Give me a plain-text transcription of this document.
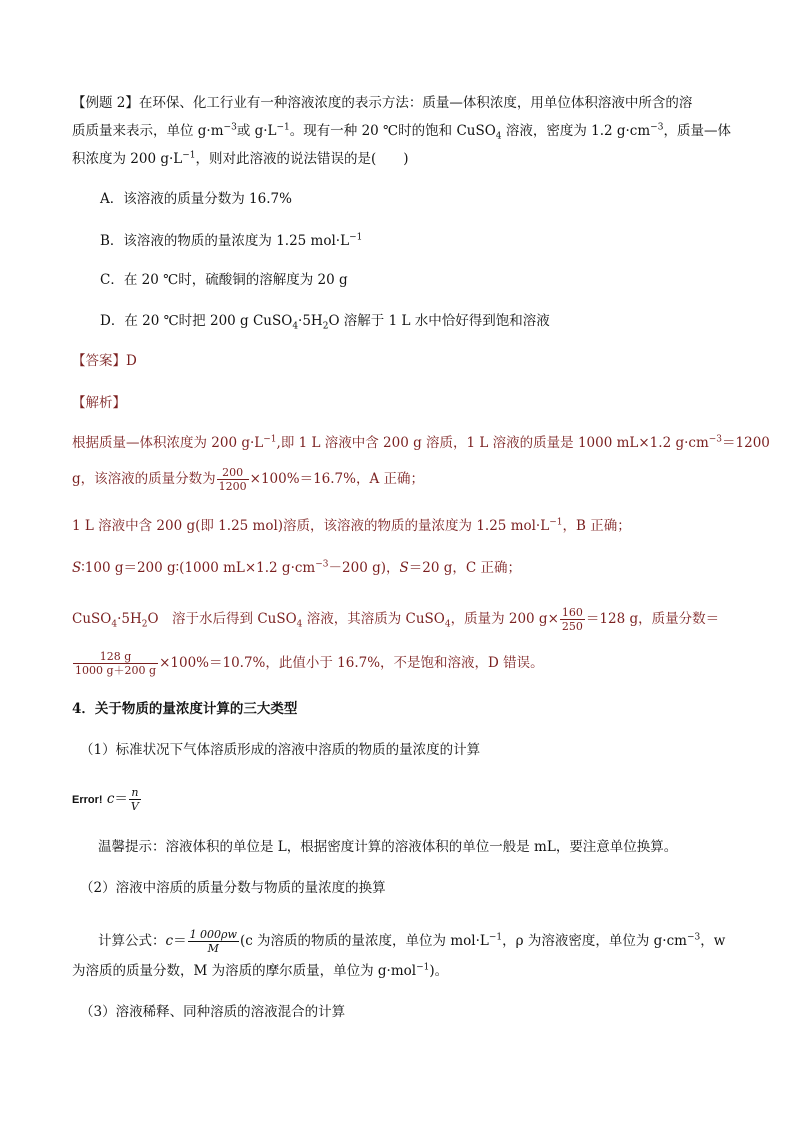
【例题 2】在环保、化工行业有一种溶液浓度的表示方法：质量—体积浓度，用单位体积溶液中所含的溶
质质量来表示，单位 $g\cdot m^{-3}$或 $g\cdot L^{-1}$。现有一种 20 ℃时的饱和 CuSO$_4$ 溶液，密度为 1.2 $g\cdot cm^{-3}$，质量—体
积浓度为 200 $g\cdot L^{-1}$，则对此溶液的说法错误的是(　　)
A．该溶液的质量分数为 16.7%
B．该溶液的物质的量浓度为 1.25 $mol\cdot L^{-1}$
C．在 20 ℃时，硫酸铜的溶解度为 20 g
D．在 20 ℃时把 200 g $CuSO_4\cdot 5H_2O$ 溶解于 1 L 水中恰好得到饱和溶液
【答案】D
【解析】
根据质量—体积浓度为 200 $g\cdot L^{-1}$,即 1 L 溶液中含 200 g 溶质，1 L 溶液的质量是 1000 mL×1.2 $g\cdot cm^{-3}=1200$
g，该溶液的质量分数为 $\frac{200}{1200} \times 100\%=16.7\%$，A 正确；
1 L 溶液中含 200 g(即 1.25 mol)溶质，该溶液的物质的量浓度为 1.25 $mol\cdot L^{-1}$，B 正确；
S∶100 g＝200 g∶(1000 mL×1.2 $g\cdot cm^{-3}-200$ g)，S＝20 g，C 正确；
$CuSO_4\cdot 5H_2O$　溶于水后得到 CuSO$_4$ 溶液，其溶质为 CuSO$_4$，质量为 200 $g\times \frac{160}{250} =128$ g，质量分数＝
$\frac{128 g}{1000 g+200 g} \times 100\%=10.7\%$，此值小于 16.7%，不是饱和溶液，D 错误。
4．关于物质的量浓度计算的三大类型
（1）标准状况下气体溶质形成的溶液中溶质的物质的量浓度的计算
Error! $c= \frac{n}{V}$
温馨提示：溶液体积的单位是 L，根据密度计算的溶液体积的单位一般是 mL，要注意单位换算。
（2）溶液中溶质的质量分数与物质的量浓度的换算
计算公式：$c= \frac{1 000\rho w}{M} (c$ 为溶质的物质的量浓度，单位为 $mol\cdot L^{-1}$，ρ 为溶液密度，单位为 $g\cdot cm^{-3}$，w
为溶质的质量分数，M 为溶质的摩尔质量，单位为 g·mol$^{-1}$)。
（3）溶液稀释、同种溶质的溶液混合的计算
